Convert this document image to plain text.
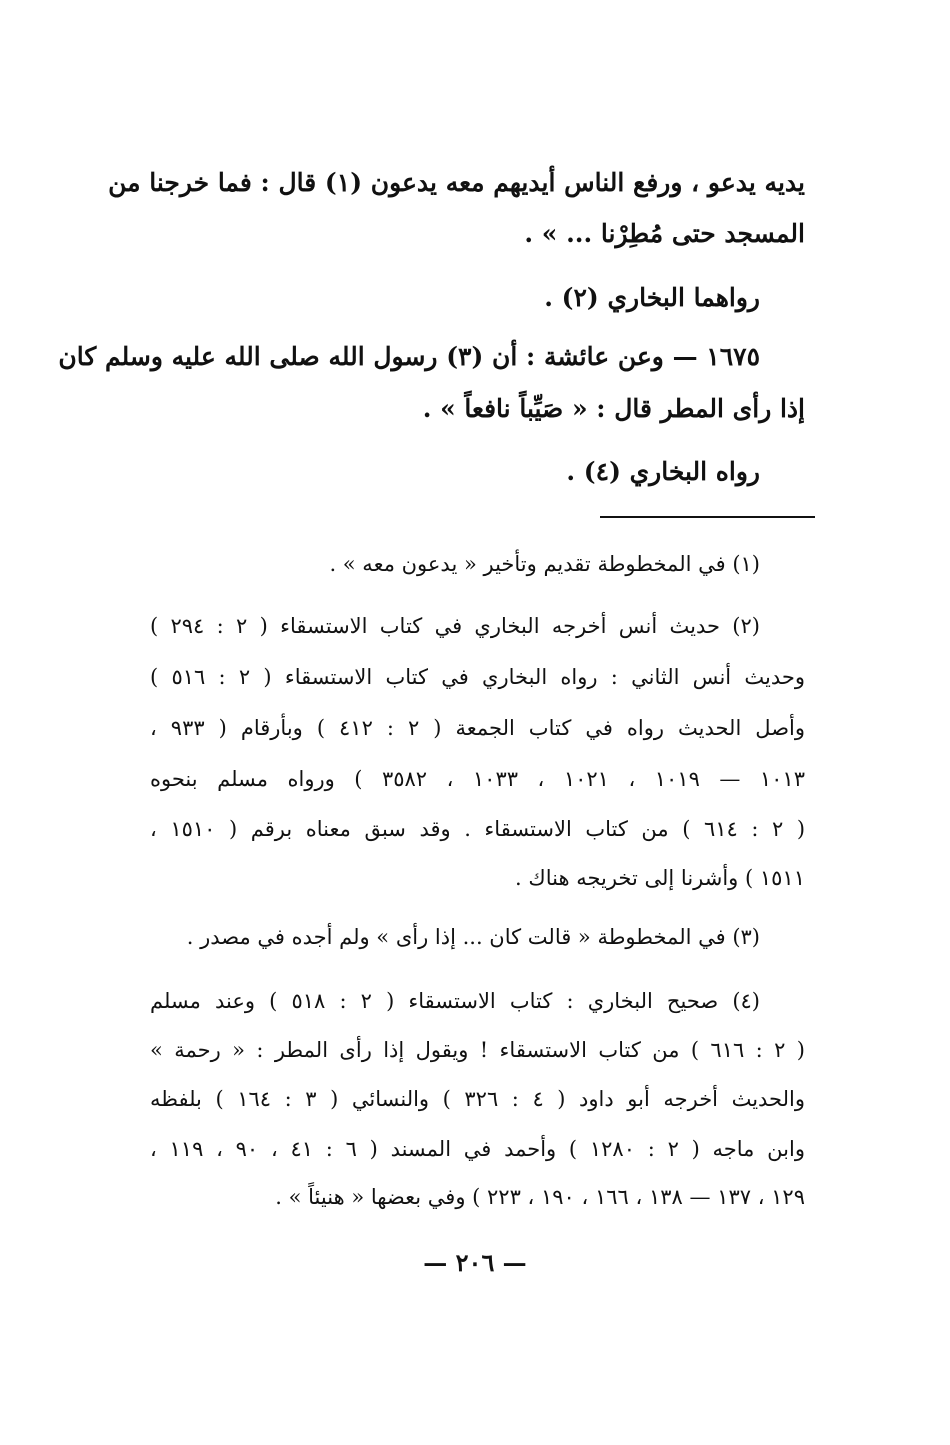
يديه يدعو ، ورفع الناس أيديهم معه يدعون (١) قال : فما خرجنا من
المسجد حتى مُطِرْنا ... » .
رواهما البخاري (٢) .
١٦٧٥ — وعن عائشة : أن (٣) رسول الله صلى الله عليه وسلم كان
إذا رأى المطر قال : « صَيِّباً نافعاً » .
رواه البخاري (٤) .
(١) في المخطوطة تقديم وتأخير « يدعون معه » .
(٢) حديث أنس أخرجه البخاري في كتاب الاستسقاء ( ٢ : ٢٩٤ )
وحديث أنس الثاني : رواه البخاري في كتاب الاستسقاء ( ٢ : ٥١٦ )
وأصل الحديث رواه في كتاب الجمعة ( ٢ : ٤١٢ ) وبأرقام ( ٩٣٣ ،
١٠١٣ — ١٠١٩ ، ١٠٢١ ، ١٠٣٣ ، ٣٥٨٢ ) ورواه مسلم بنحوه
( ٢ : ٦١٤ ) من كتاب الاستسقاء . وقد سبق معناه برقم ( ١٥١٠ ،
١٥١١ ) وأشرنا إلى تخريجه هناك .
(٣) في المخطوطة « قالت كان ... إذا رأى » ولم أجده في مصدر .
(٤) صحيح البخاري : كتاب الاستسقاء ( ٢ : ٥١٨ ) وعند مسلم
( ٢ : ٦١٦ ) من كتاب الاستسقاء ! ويقول إذا رأى المطر : « رحمة »
والحديث أخرجه أبو داود ( ٤ : ٣٢٦ ) والنسائي ( ٣ : ١٦٤ ) بلفظه
وابن ماجه ( ٢ : ١٢٨٠ ) وأحمد في المسند ( ٦ : ٤١ ، ٩٠ ، ١١٩ ،
١٢٩ ، ١٣٧ — ١٣٨ ، ١٦٦ ، ١٩٠ ، ٢٢٣ ) وفي بعضها « هنيئاً » .
— ٢٠٦ —
